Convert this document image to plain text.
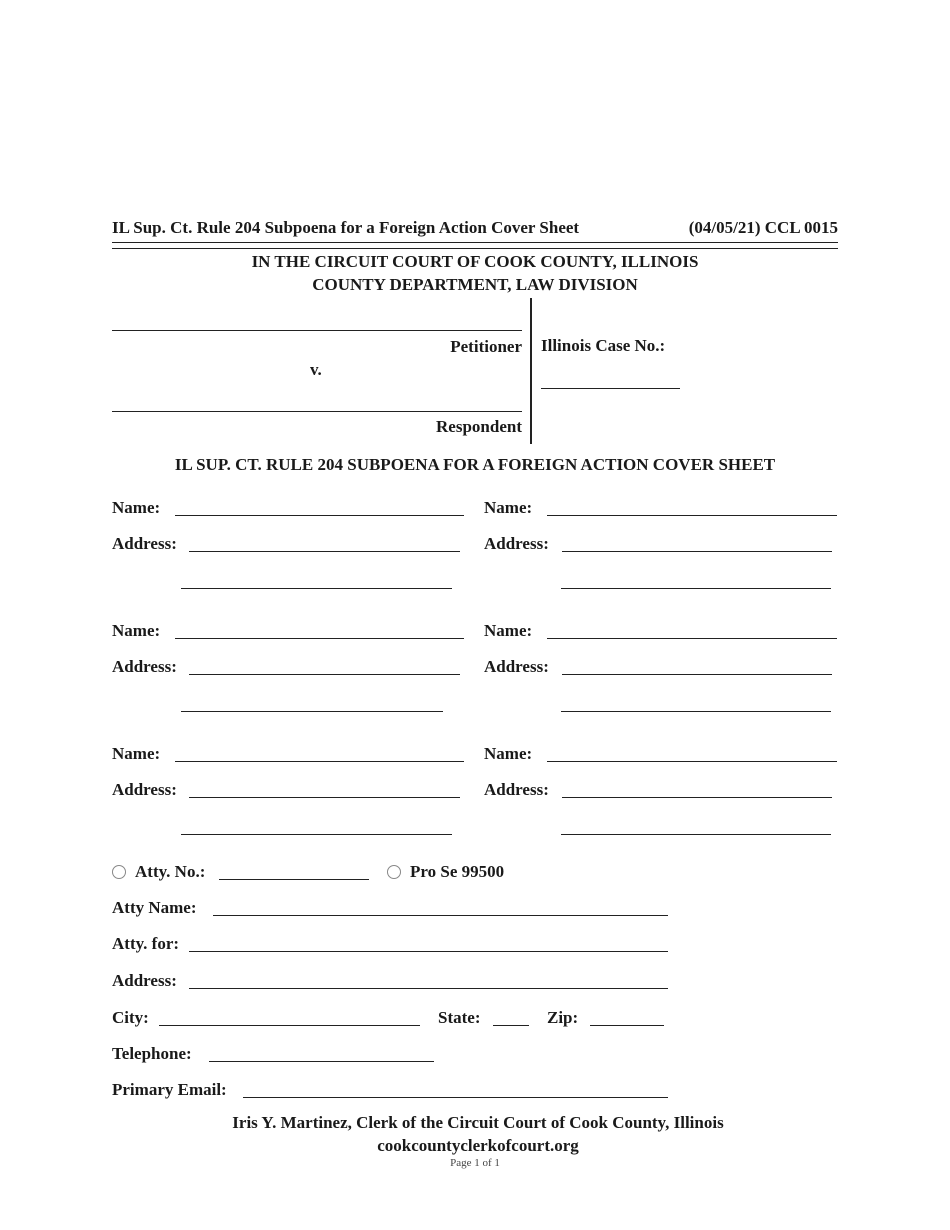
IL Sup. Ct. Rule 204 Subpoena for a Foreign Action Cover Sheet	(04/05/21) CCL 0015
IN THE CIRCUIT COURT OF COOK COUNTY, ILLINOIS
COUNTY DEPARTMENT, LAW DIVISION
Petitioner
v.
Respondent
Illinois Case No.:
IL SUP. CT. RULE 204 SUBPOENA FOR A FOREIGN ACTION COVER SHEET
Name:	Name:
Address:	Address:
Name:	Name:
Address:	Address:
Name:	Name:
Address:	Address:
Atty. No.:	Pro Se 99500
Atty Name:
Atty. for:
Address:
City:	State:	Zip:
Telephone:
Primary Email:
Iris Y. Martinez, Clerk of the Circuit Court of Cook County, Illinois
cookcountyclerkofcourt.org
Page 1 of 1
